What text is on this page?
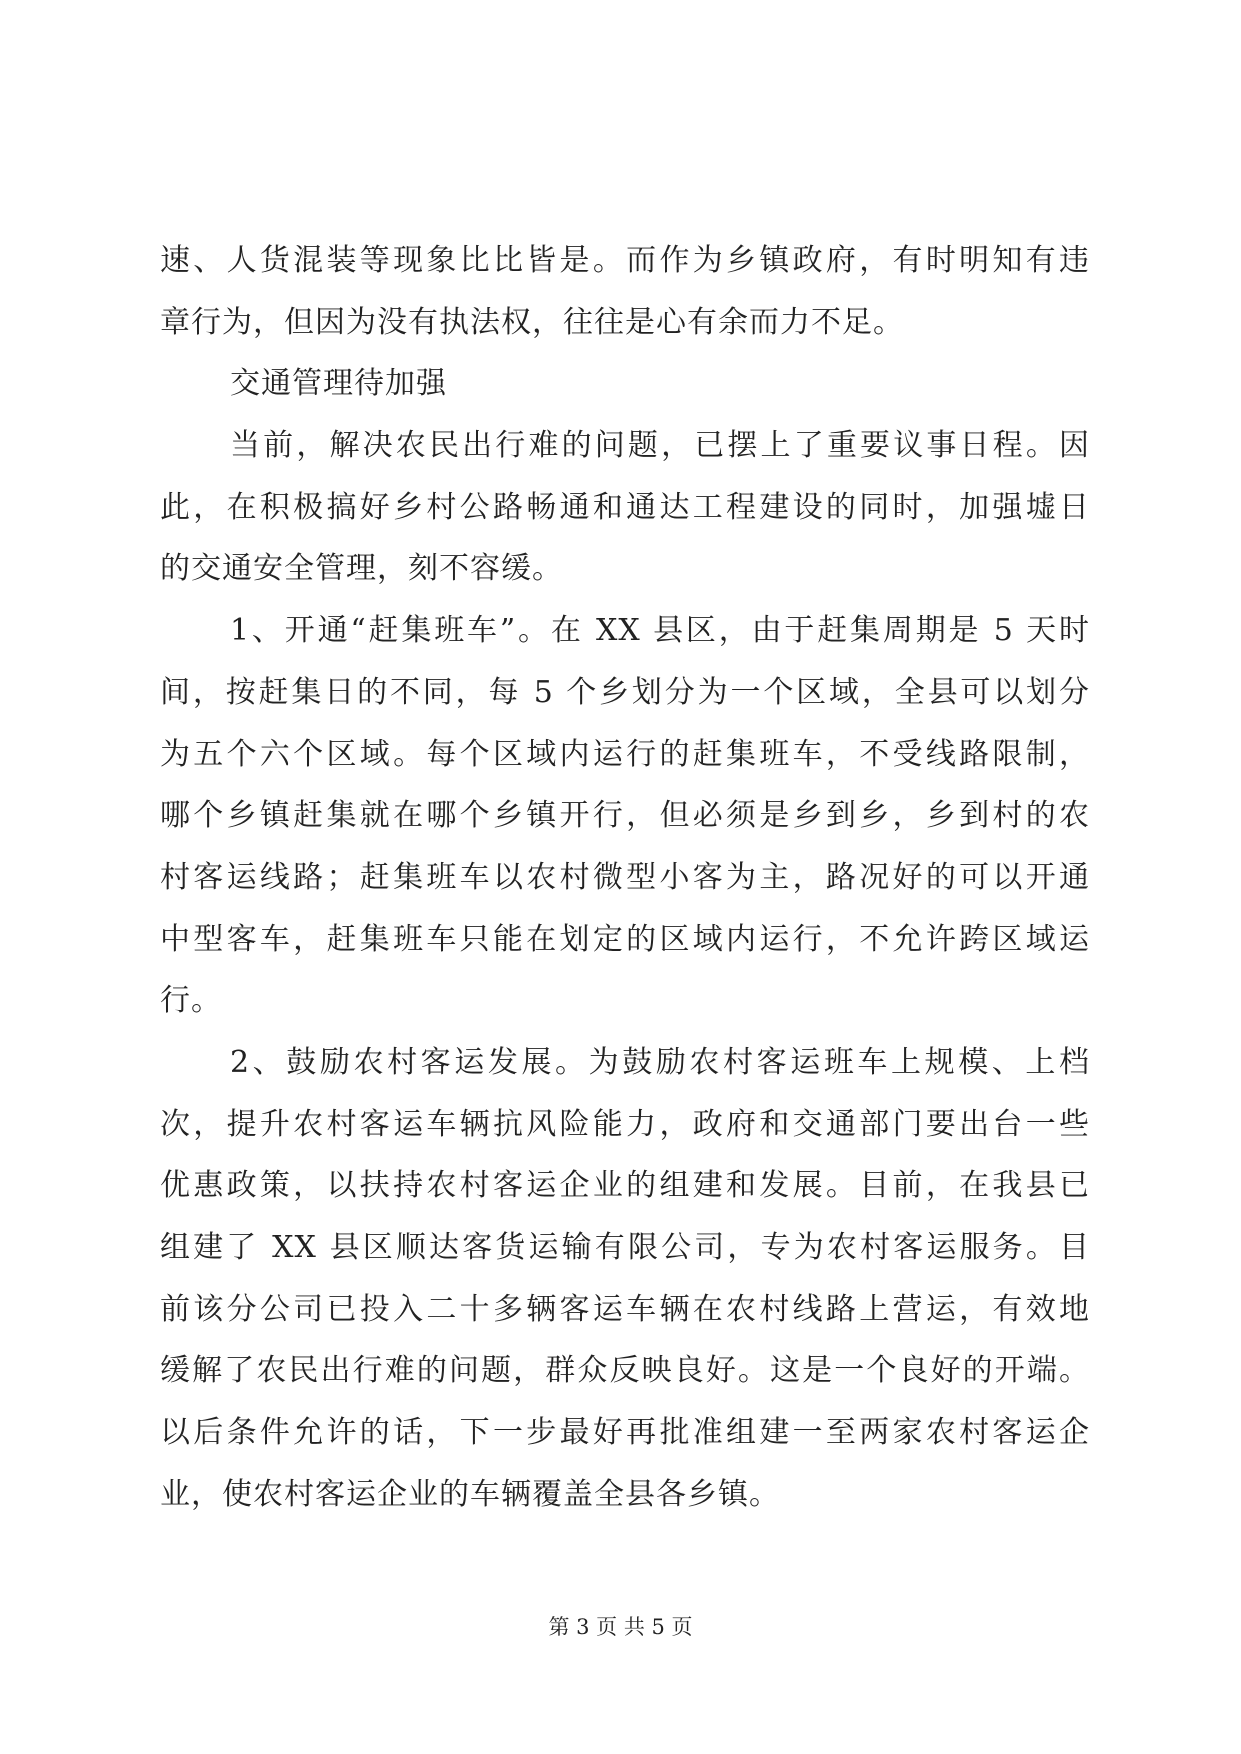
速、人货混装等现象比比皆是。而作为乡镇政府，有时明知有违
章行为，但因为没有执法权，往往是心有余而力不足。
交通管理待加强
当前，解决农民出行难的问题，已摆上了重要议事日程。因
此，在积极搞好乡村公路畅通和通达工程建设的同时，加强墟日
的交通安全管理，刻不容缓。
1、开通“赶集班车”。在 XX 县区，由于赶集周期是 5 天时
间，按赶集日的不同，每 5 个乡划分为一个区域，全县可以划分
为五个六个区域。每个区域内运行的赶集班车，不受线路限制，
哪个乡镇赶集就在哪个乡镇开行，但必须是乡到乡，乡到村的农
村客运线路；赶集班车以农村微型小客为主，路况好的可以开通
中型客车，赶集班车只能在划定的区域内运行，不允许跨区域运
行。
2、鼓励农村客运发展。为鼓励农村客运班车上规模、上档
次，提升农村客运车辆抗风险能力，政府和交通部门要出台一些
优惠政策，以扶持农村客运企业的组建和发展。目前，在我县已
组建了 XX 县区顺达客货运输有限公司，专为农村客运服务。目
前该分公司已投入二十多辆客运车辆在农村线路上营运，有效地
缓解了农民出行难的问题，群众反映良好。这是一个良好的开端。
以后条件允许的话，下一步最好再批准组建一至两家农村客运企
业，使农村客运企业的车辆覆盖全县各乡镇。
第 3 页 共 5 页
